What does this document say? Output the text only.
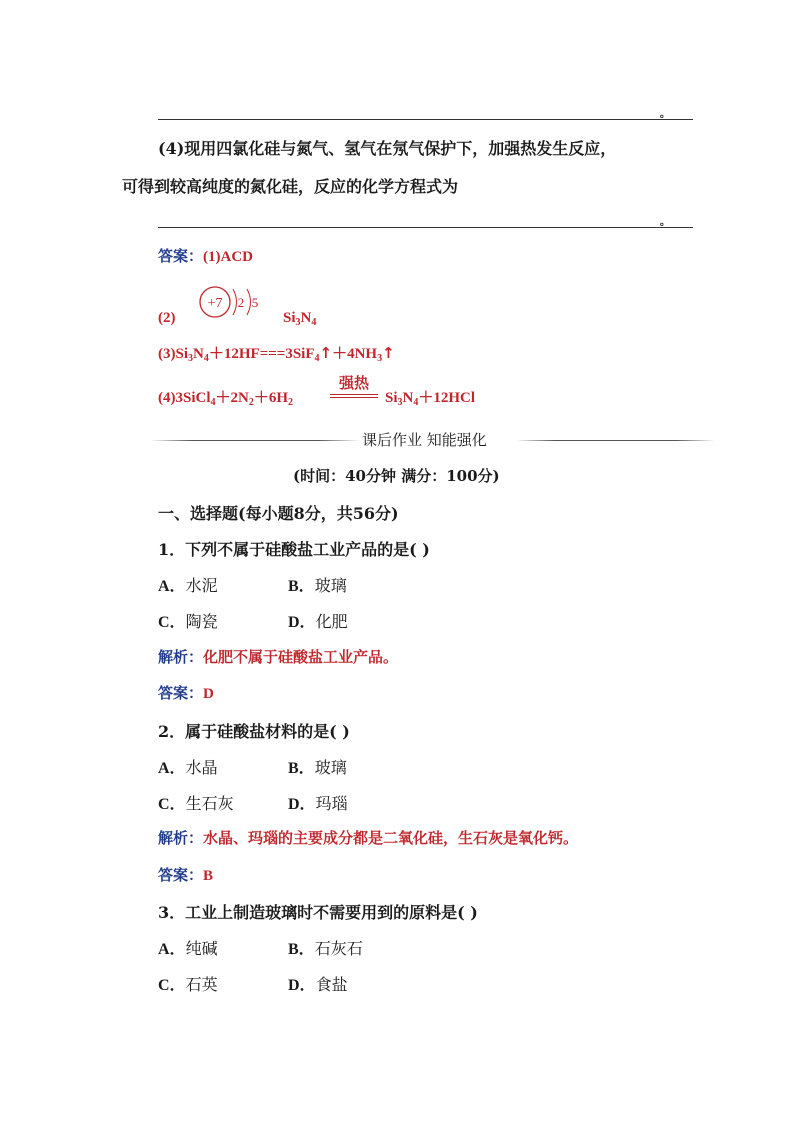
。
(4)现用四氯化硅与氮气、氢气在氖气保护下，加强热发生反应，
可得到较高纯度的氮化硅，反应的化学方程式为
。
答案：(1)ACD
(2)
+7 2 5
$Si_3N_4$
$(3)Si_3N_4+12HF===3SiF_4↑+4NH_3↑$
$(4)3SiCl_4+2N_2+6H_2$
强热
$Si_3N_4+12HCl$
课后作业 知能强化
(时间：40分钟 满分：100分)
一、选择题(每小题8分，共56分)
1．下列不属于硅酸盐工业产品的是( )
A．水泥	B．玻璃
C．陶瓷	D．化肥
解析：化肥不属于硅酸盐工业产品。
答案：D
2．属于硅酸盐材料的是( )
A．水晶	B．玻璃
C．生石灰	D．玛瑙
解析：水晶、玛瑙的主要成分都是二氧化硅，生石灰是氧化钙。
答案：B
3．工业上制造玻璃时不需要用到的原料是( )
A．纯碱	B．石灰石
C．石英	D．食盐
